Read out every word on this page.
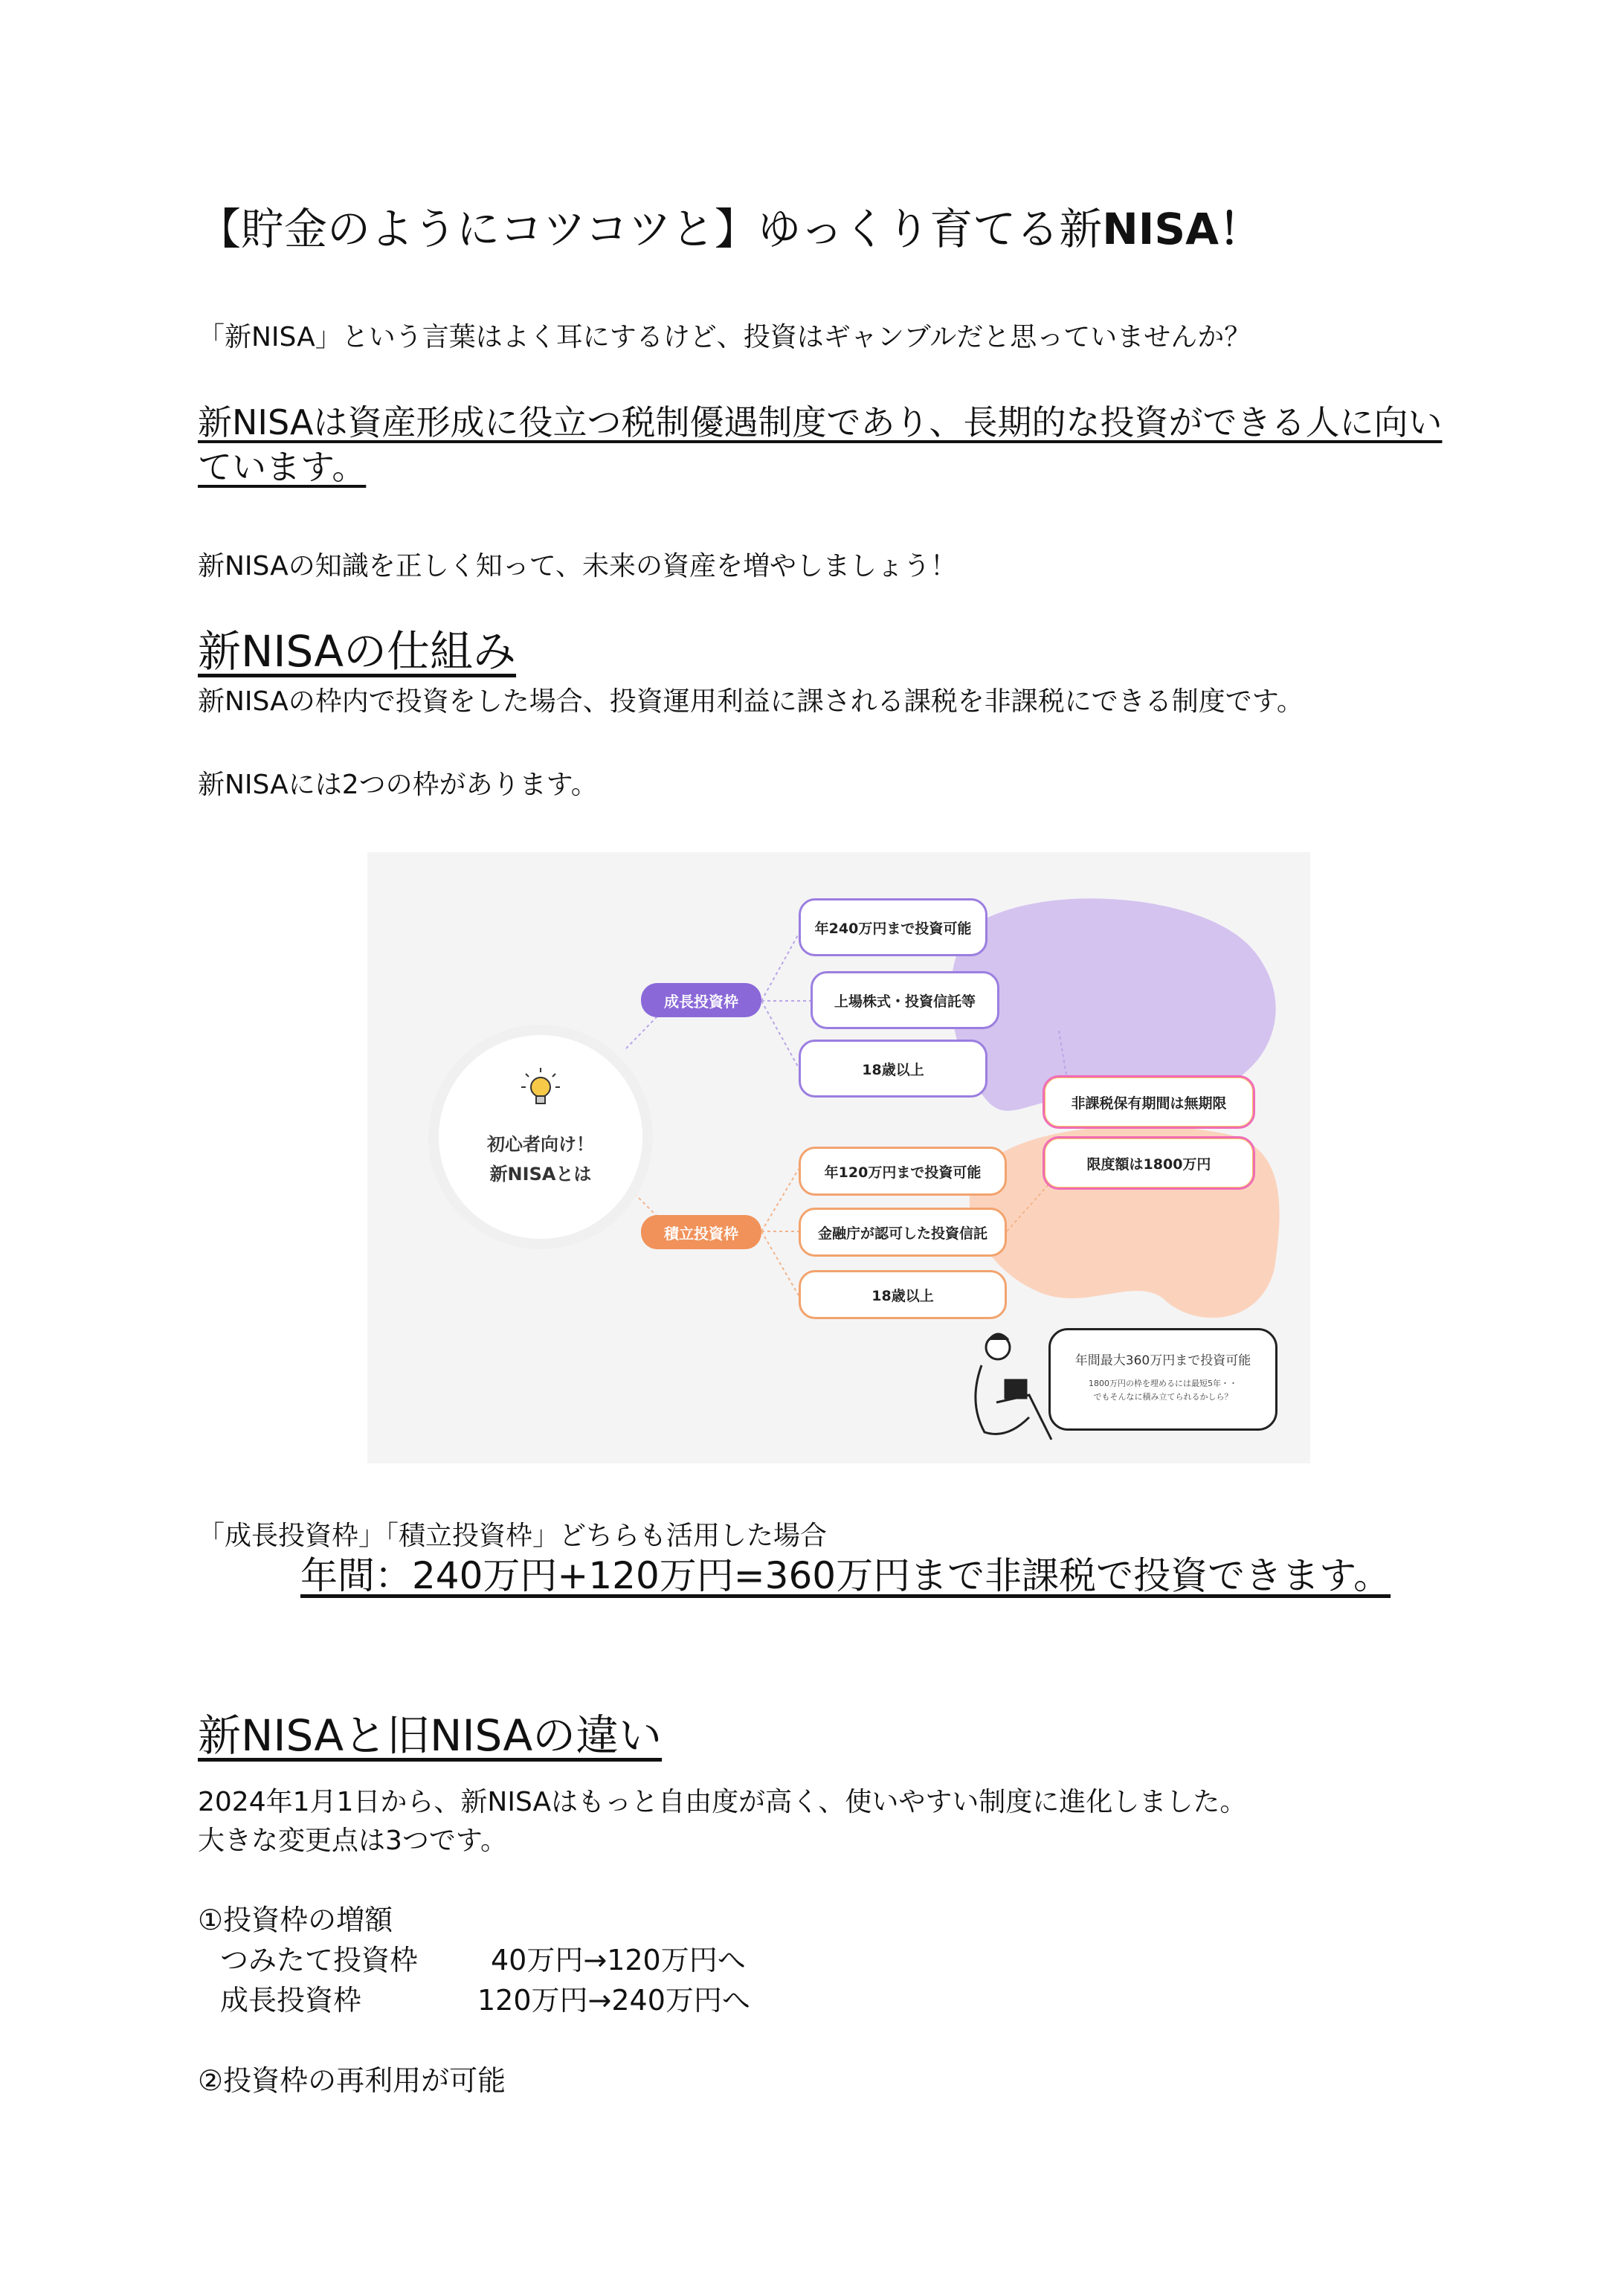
【貯金のようにコツコツと】ゆっくり育てる新NISA！
「新NISA」という言葉はよく耳にするけど、投資はギャンブルだと思っていませんか？
新NISAは資産形成に役立つ税制優遇制度であり、長期的な投資ができる人に向いています。
新NISAの知識を正しく知って、未来の資産を増やしましょう！
新NISAの仕組み
新NISAの枠内で投資をした場合、投資運用利益に課される課税を非課税にできる制度です。
新NISAには2つの枠があります。
初心者向け！
新NISAとは
成長投資枠
年240万円まで投資可能
上場株式・投資信託等
18歳以上
非課税保有期間は無期限
限度額は1800万円
積立投資枠
年120万円まで投資可能
金融庁が認可した投資信託
18歳以上
年間最大360万円まで投資可能
1800万円の枠を埋めるには最短5年・・
でもそんなに積み立てられるかしら？
「成長投資枠」「積立投資枠」どちらも活用した場合
年間：240万円+120万円=360万円まで非課税で投資できます。
新NISAと旧NISAの違い
2024年1月1日から、新NISAはもっと自由度が高く、使いやすい制度に進化しました。
大きな変更点は3つです。
①投資枠の増額
つみたて投資枠	40万円→120万円へ
成長投資枠	120万円→240万円へ
②投資枠の再利用が可能
